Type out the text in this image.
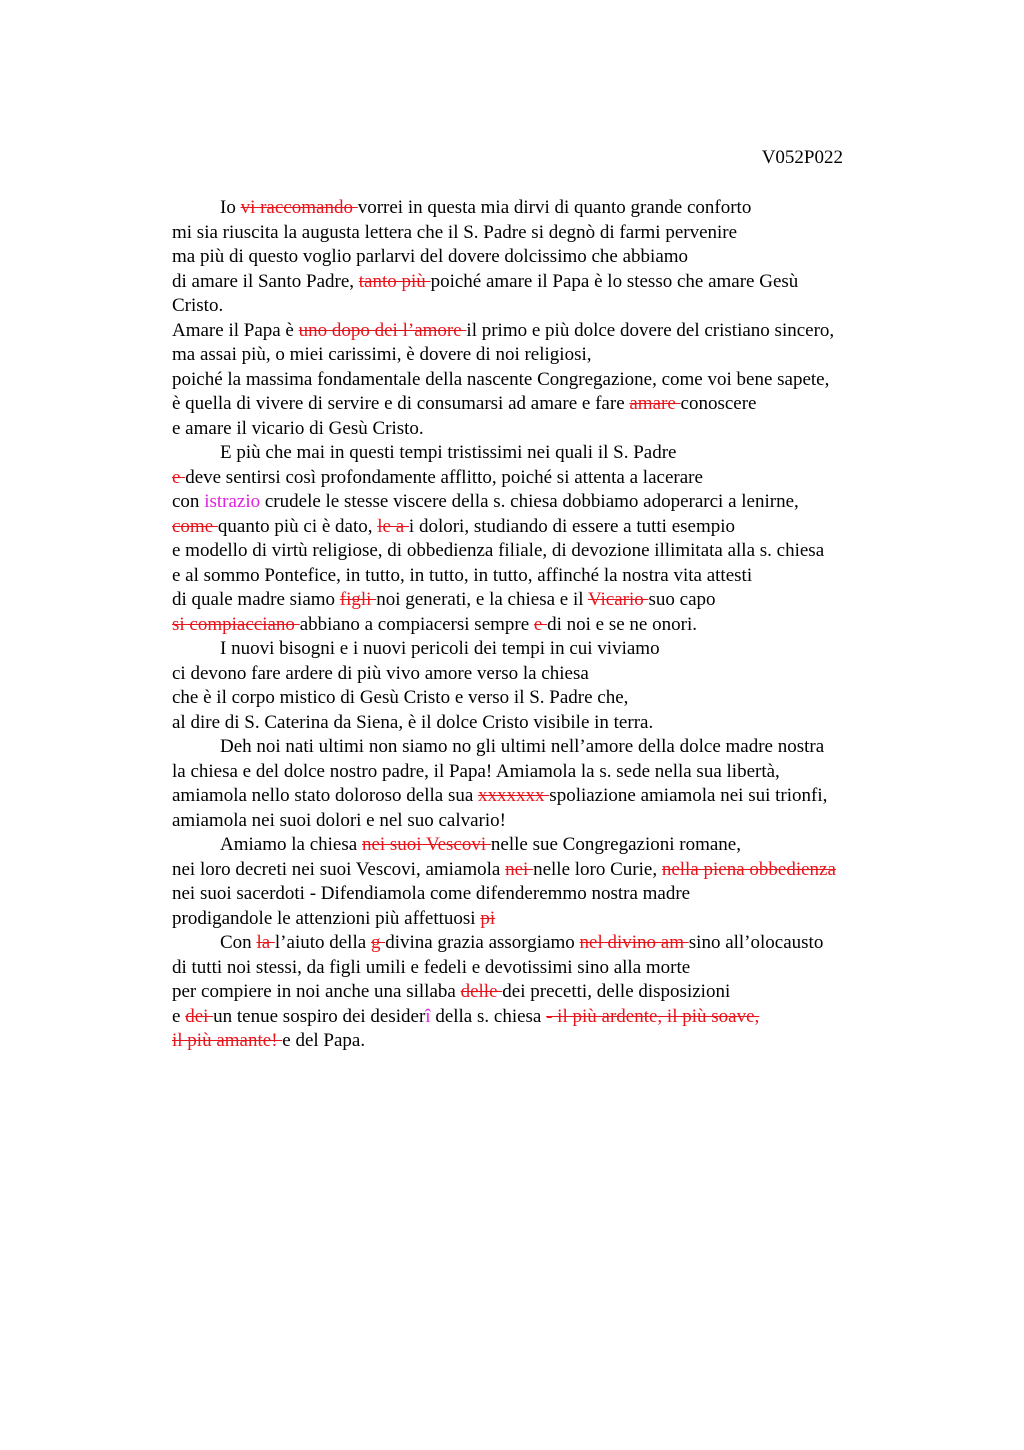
V052P022
Io vi raccomando vorrei in questa mia dirvi di quanto grande conforto
mi sia riuscita la augusta lettera che il S. Padre si degnò di farmi pervenire
ma più di questo voglio parlarvi del dovere dolcissimo che abbiamo
di amare il Santo Padre, tanto più poiché amare il Papa è lo stesso che amare Gesù
Cristo.
Amare il Papa è uno dopo dei l’amore il primo e più dolce dovere del cristiano sincero,
ma assai più, o miei carissimi, è dovere di noi religiosi,
poiché la massima fondamentale della nascente Congregazione, come voi bene sapete,
è quella di vivere di servire e di consumarsi ad amare e fare amare conoscere
e amare il vicario di Gesù Cristo.
E più che mai in questi tempi tristissimi nei quali il S. Padre
e deve sentirsi così profondamente afflitto, poiché si attenta a lacerare
con istrazio crudele le stesse viscere della s. chiesa dobbiamo adoperarci a lenirne,
come quanto più ci è dato, le a i dolori, studiando di essere a tutti esempio
e modello di virtù religiose, di obbedienza filiale, di devozione illimitata alla s. chiesa
e al sommo Pontefice, in tutto, in tutto, in tutto, affinché la nostra vita attesti
di quale madre siamo figli noi generati, e la chiesa e il Vicario suo capo
si compiacciano abbiano a compiacersi sempre e di noi e se ne onori.
I nuovi bisogni e i nuovi pericoli dei tempi in cui viviamo
ci devono fare ardere di più vivo amore verso la chiesa
che è il corpo mistico di Gesù Cristo e verso il S. Padre che,
al dire di S. Caterina da Siena, è il dolce Cristo visibile in terra.
Deh noi nati ultimi non siamo no gli ultimi nell’amore della dolce madre nostra
la chiesa e del dolce nostro padre, il Papa! Amiamola la s. sede nella sua libertà,
amiamola nello stato doloroso della sua xxxxxxx spoliazione amiamola nei sui trionfi,
amiamola nei suoi dolori e nel suo calvario!
Amiamo la chiesa nei suoi Vescovi nelle sue Congregazioni romane,
nei loro decreti nei suoi Vescovi, amiamola nei nelle loro Curie, nella piena obbedienza
nei suoi sacerdoti - Difendiamola come difenderemmo nostra madre
prodigandole le attenzioni più affettuosi pi
Con la l’aiuto della g divina grazia assorgiamo nel divino am sino all’olocausto
di tutti noi stessi, da figli umili e fedeli e devotissimi sino alla morte
per compiere in noi anche una sillaba delle dei precetti, delle disposizioni
e dei un tenue sospiro dei desiderî della s. chiesa - il più ardente, il più soave,
il più amante! e del Papa.
